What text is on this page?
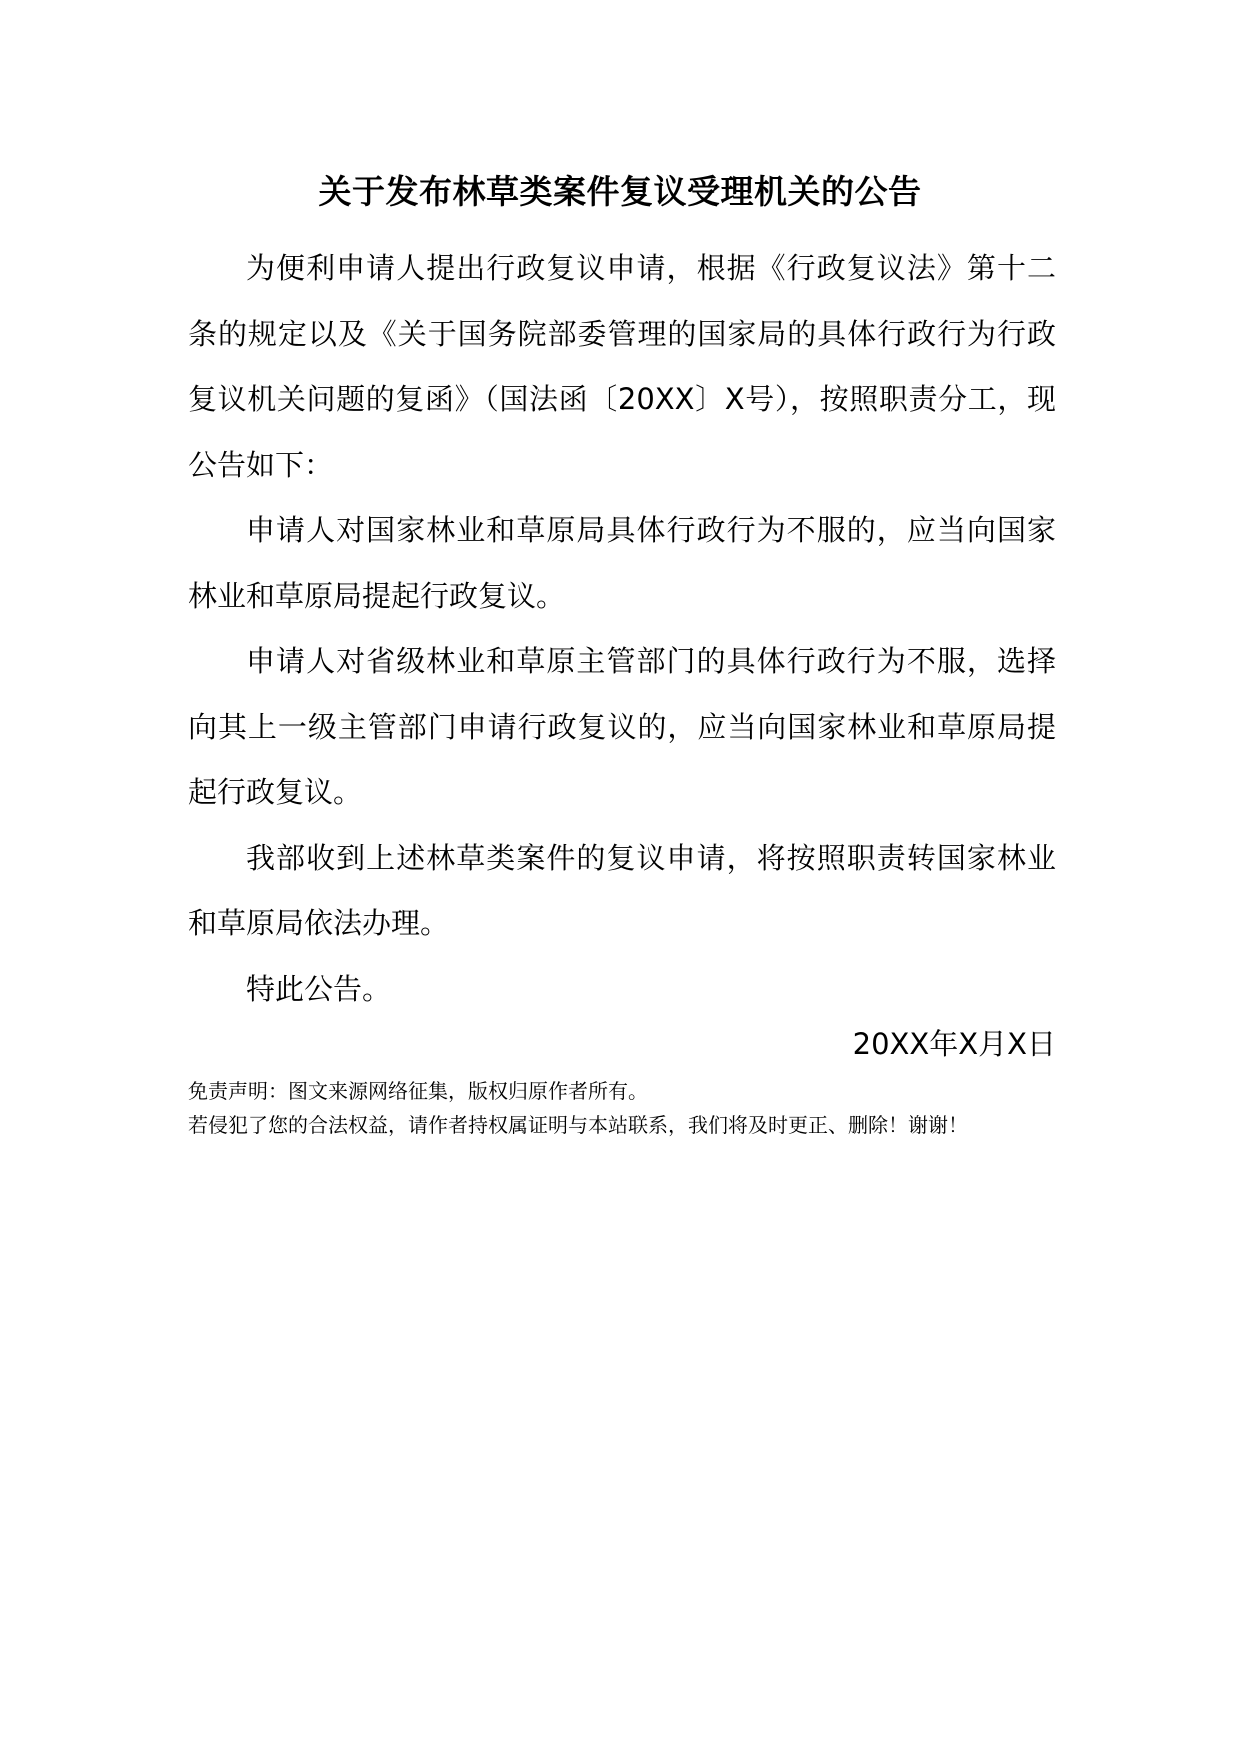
关于发布林草类案件复议受理机关的公告

为便利申请人提出行政复议申请，根据《行政复议法》第十二条的规定以及《关于国务院部委管理的国家局的具体行政行为行政复议机关问题的复函》（国法函〔20XX〕X号），按照职责分工，现公告如下：

申请人对国家林业和草原局具体行政行为不服的，应当向国家林业和草原局提起行政复议。

申请人对省级林业和草原主管部门的具体行政行为不服，选择向其上一级主管部门申请行政复议的，应当向国家林业和草原局提起行政复议。

我部收到上述林草类案件的复议申请，将按照职责转国家林业和草原局依法办理。

特此公告。

20XX年X月X日

免责声明：图文来源网络征集，版权归原作者所有。

若侵犯了您的合法权益，请作者持权属证明与本站联系，我们将及时更正、删除！谢谢！
